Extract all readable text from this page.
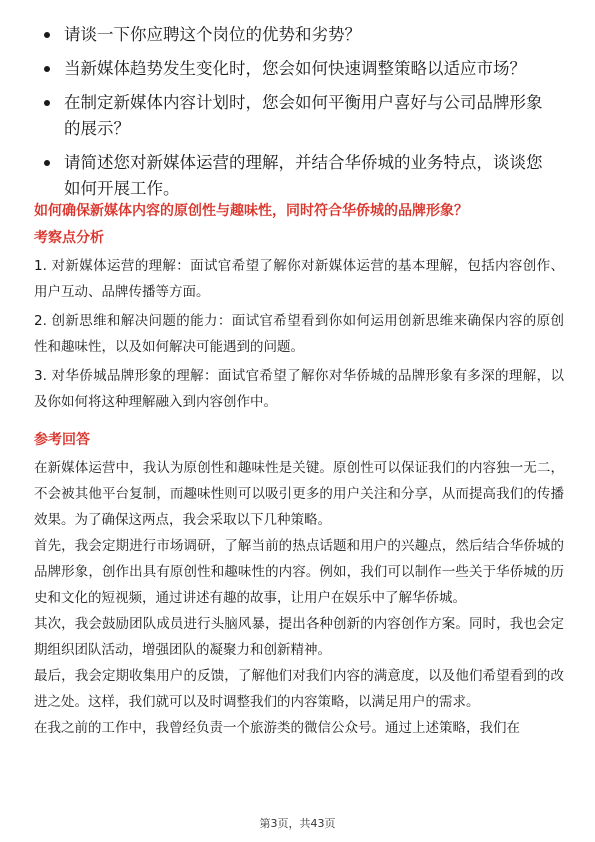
请谈一下你应聘这个岗位的优势和劣势？
当新媒体趋势发生变化时，您会如何快速调整策略以适应市场？
在制定新媒体内容计划时，您会如何平衡用户喜好与公司品牌形象的展示？
请简述您对新媒体运营的理解，并结合华侨城的业务特点，谈谈您如何开展工作。
如何确保新媒体内容的原创性与趣味性，同时符合华侨城的品牌形象？
考察点分析

1. 对新媒体运营的理解：面试官希望了解你对新媒体运营的基本理解，包括内容创作、用户互动、品牌传播等方面。

2. 创新思维和解决问题的能力：面试官希望看到你如何运用创新思维来确保内容的原创性和趣味性，以及如何解决可能遇到的问题。

3. 对华侨城品牌形象的理解：面试官希望了解你对华侨城的品牌形象有多深的理解，以及你如何将这种理解融入到内容创作中。

参考回答

在新媒体运营中，我认为原创性和趣味性是关键。原创性可以保证我们的内容独一无二，不会被其他平台复制，而趣味性则可以吸引更多的用户关注和分享，从而提高我们的传播效果。为了确保这两点，我会采取以下几种策略。

首先，我会定期进行市场调研，了解当前的热点话题和用户的兴趣点，然后结合华侨城的品牌形象，创作出具有原创性和趣味性的内容。例如，我们可以制作一些关于华侨城的历史和文化的短视频，通过讲述有趣的故事，让用户在娱乐中了解华侨城。

其次，我会鼓励团队成员进行头脑风暴，提出各种创新的内容创作方案。同时，我也会定期组织团队活动，增强团队的凝聚力和创新精神。

最后，我会定期收集用户的反馈，了解他们对我们内容的满意度，以及他们希望看到的改进之处。这样，我们就可以及时调整我们的内容策略，以满足用户的需求。

在我之前的工作中，我曾经负责一个旅游类的微信公众号。通过上述策略，我们在

第3页，共43页
